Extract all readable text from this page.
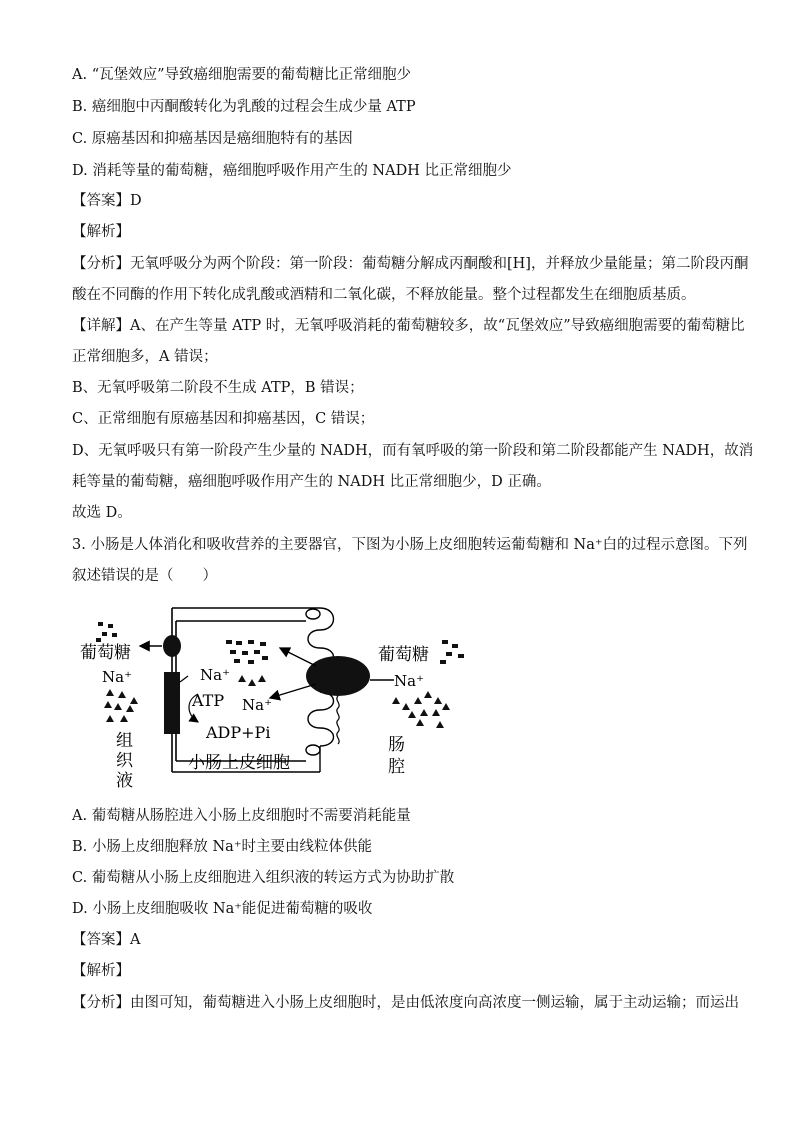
A. “瓦堡效应”导致癌细胞需要的葡萄糖比正常细胞少
B. 癌细胞中丙酮酸转化为乳酸的过程会生成少量 ATP
C. 原癌基因和抑癌基因是癌细胞特有的基因
D. 消耗等量的葡萄糖，癌细胞呼吸作用产生的 NADH 比正常细胞少
【答案】D
【解析】
【分析】无氧呼吸分为两个阶段：第一阶段：葡萄糖分解成丙酮酸和[H]，并释放少量能量；第二阶段丙酮
酸在不同酶的作用下转化成乳酸或酒精和二氧化碳，不释放能量。整个过程都发生在细胞质基质。
【详解】A、在产生等量 ATP 时，无氧呼吸消耗的葡萄糖较多，故“瓦堡效应”导致癌细胞需要的葡萄糖比
正常细胞多，A 错误；
B、无氧呼吸第二阶段不生成 ATP，B 错误；
C、正常细胞有原癌基因和抑癌基因，C 错误；
D、无氧呼吸只有第一阶段产生少量的 NADH，而有氧呼吸的第一阶段和第二阶段都能产生 NADH，故消
耗等量的葡萄糖，癌细胞呼吸作用产生的 NADH 比正常细胞少，D 正确。
故选 D。
3. 小肠是人体消化和吸收营养的主要器官，下图为小肠上皮细胞转运葡萄糖和 Na⁺白的过程示意图。下列
叙述错误的是（　　）
葡萄糖	葡萄糖
Na⁺	Na⁺
Na⁺
Na⁺
ATP
ADP+Pi
组
织
液
小肠上皮细胞
肠
腔
A. 葡萄糖从肠腔进入小肠上皮细胞时不需要消耗能量
B. 小肠上皮细胞释放 Na⁺时主要由线粒体供能
C. 葡萄糖从小肠上皮细胞进入组织液的转运方式为协助扩散
D. 小肠上皮细胞吸收 Na⁺能促进葡萄糖的吸收
【答案】A
【解析】
【分析】由图可知，葡萄糖进入小肠上皮细胞时，是由低浓度向高浓度一侧运输，属于主动运输；而运出
